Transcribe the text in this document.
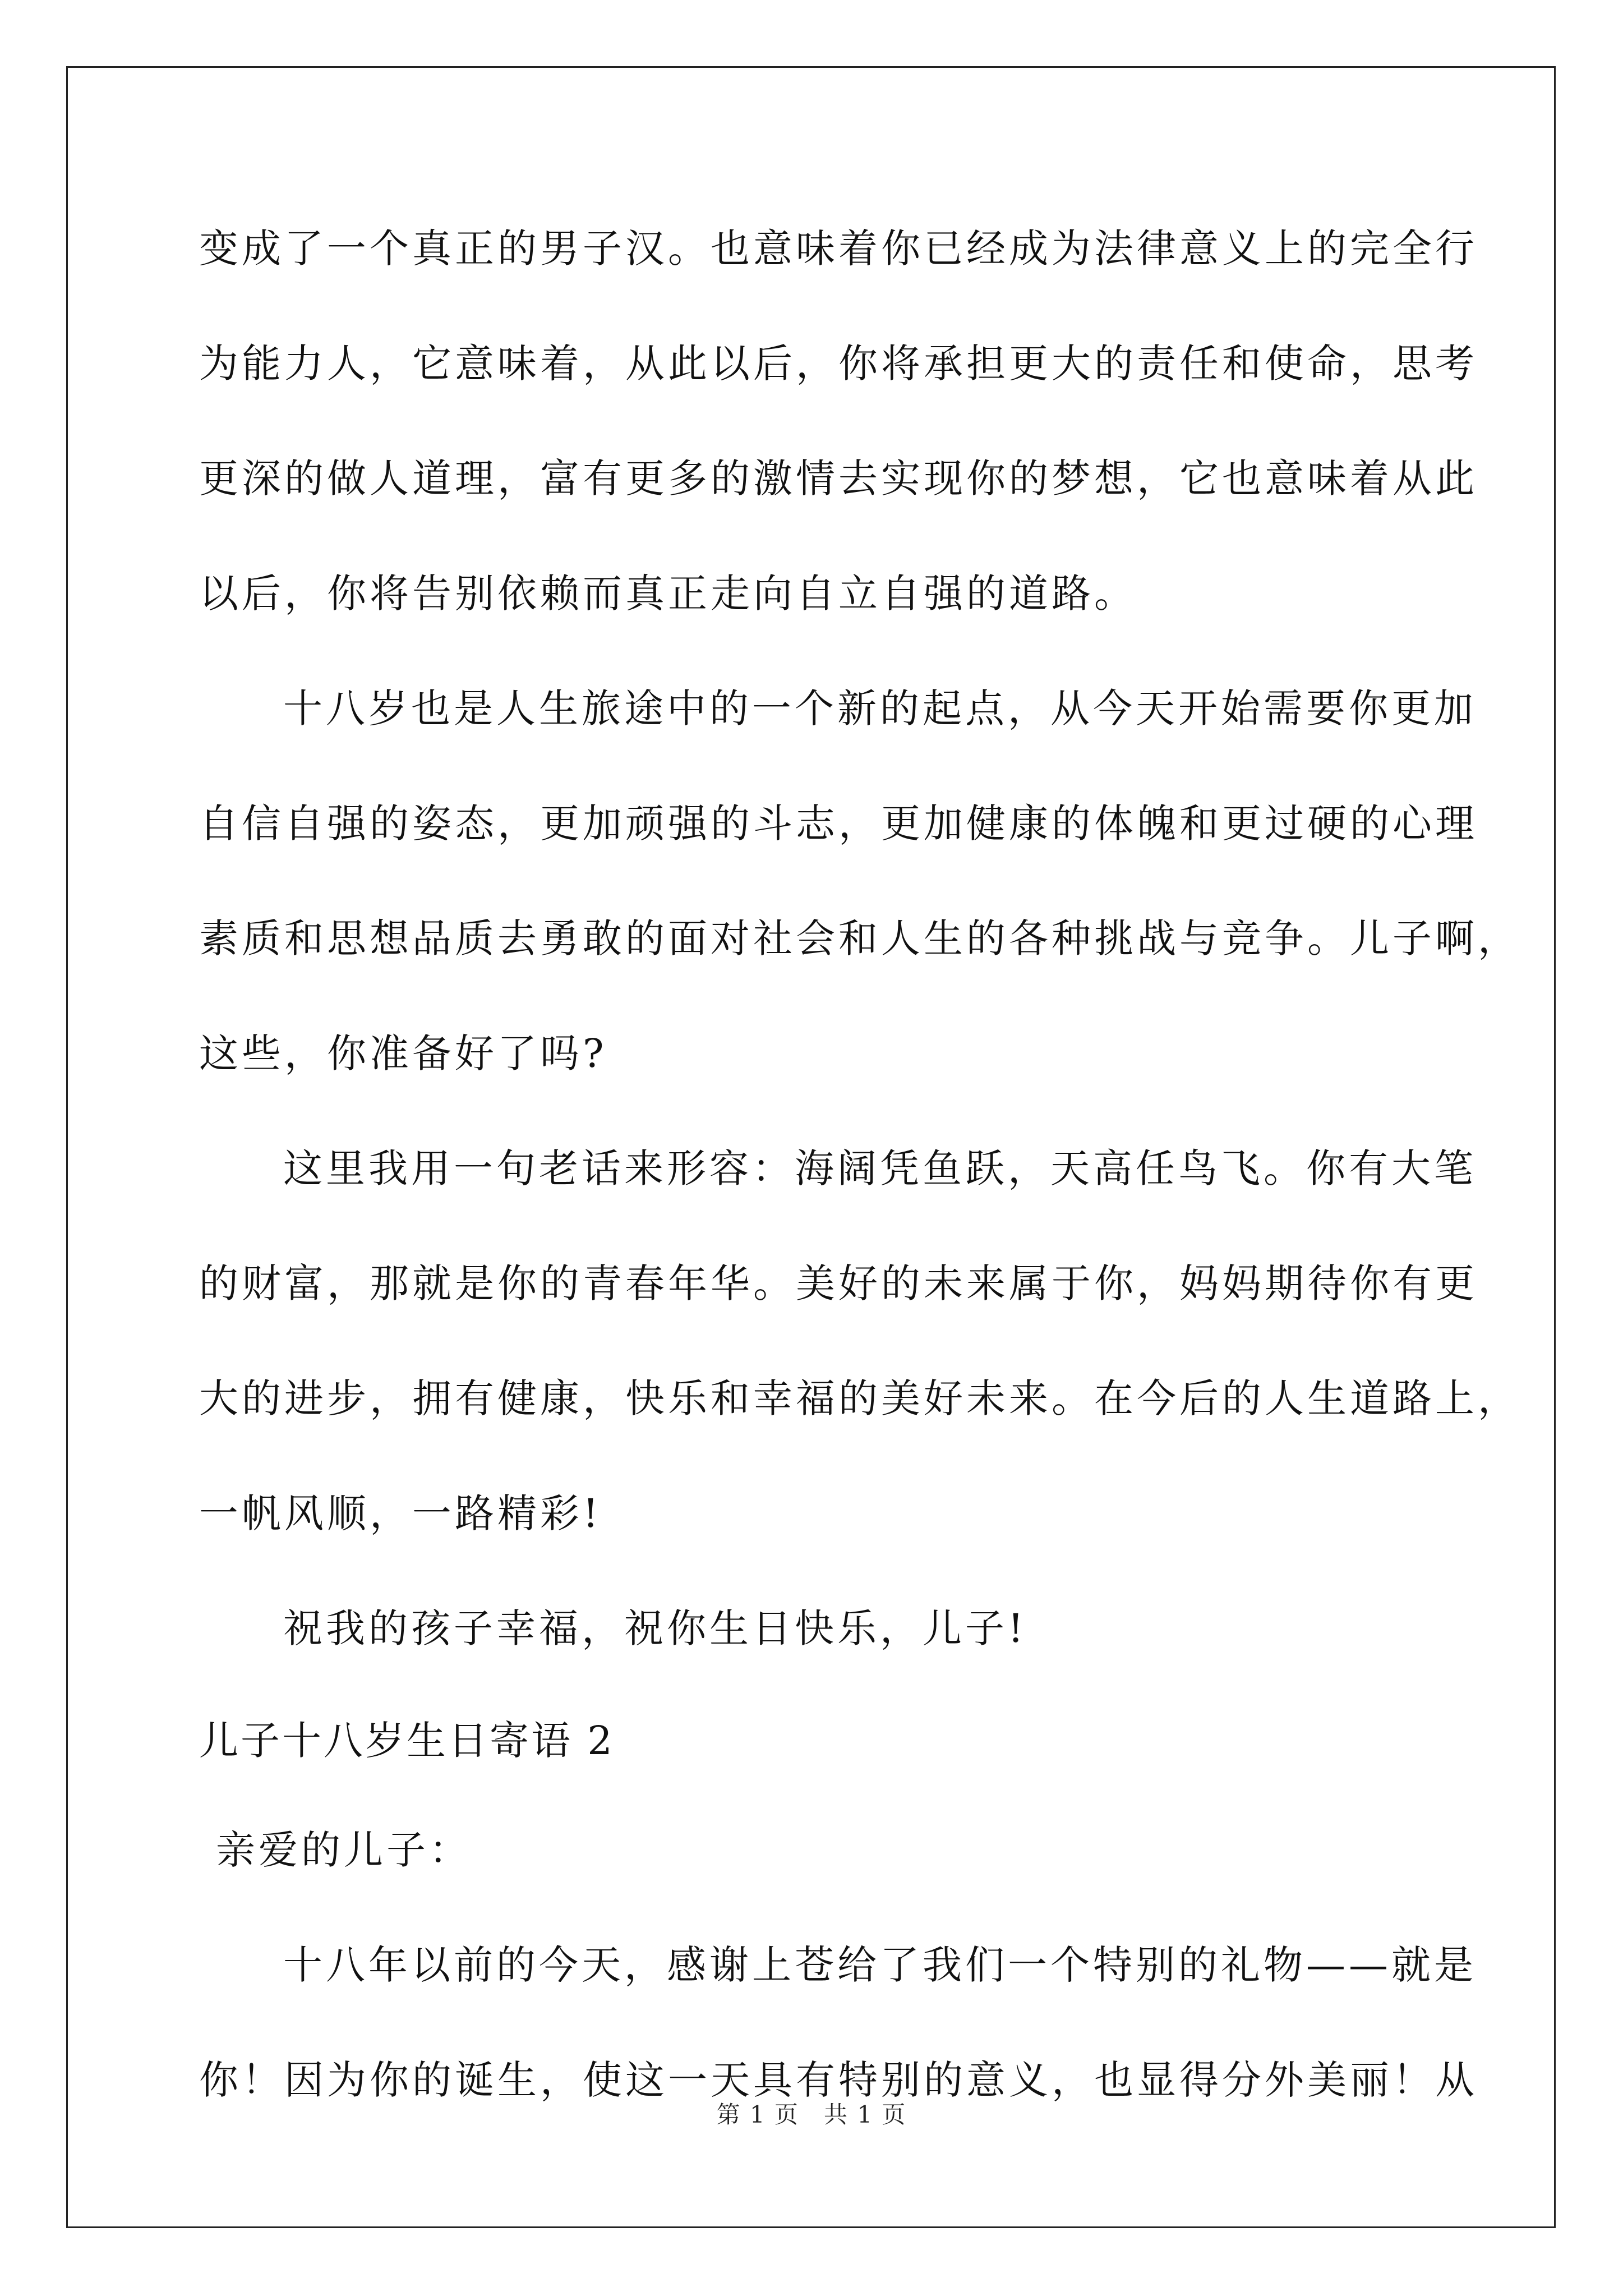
变成了一个真正的男子汉。也意味着你已经成为法律意义上的完全行
为能力人，它意味着，从此以后，你将承担更大的责任和使命，思考
更深的做人道理，富有更多的激情去实现你的梦想，它也意味着从此
以后，你将告别依赖而真正走向自立自强的道路。
十八岁也是人生旅途中的一个新的起点，从今天开始需要你更加
自信自强的姿态，更加顽强的斗志，更加健康的体魄和更过硬的心理
素质和思想品质去勇敢的面对社会和人生的各种挑战与竞争。儿子啊，
这些，你准备好了吗?
这里我用一句老话来形容：海阔凭鱼跃，天高任鸟飞。你有大笔
的财富，那就是你的青春年华。美好的未来属于你，妈妈期待你有更
大的进步，拥有健康，快乐和幸福的美好未来。在今后的人生道路上，
一帆风顺，一路精彩!
祝我的孩子幸福，祝你生日快乐，儿子!
儿子十八岁生日寄语 2
亲爱的儿子：
十八年以前的今天，感谢上苍给了我们一个特别的礼物——就是
你！因为你的诞生，使这一天具有特别的意义，也显得分外美丽！从
第 1 页　共 1 页
